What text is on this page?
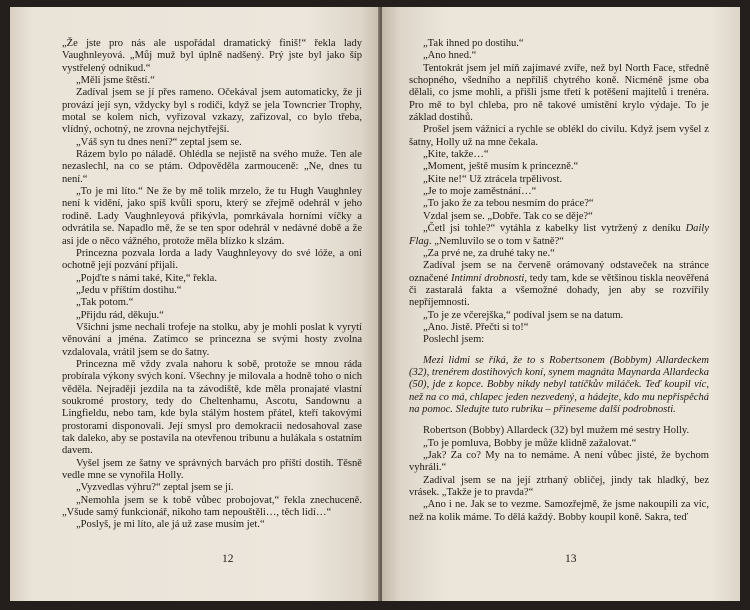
„Že jste pro nás ale uspořádal dramatický finiš!“ řekla lady Vaughnleyová. „Můj muž byl úplně nadšený. Prý jste byl jako šíp vystřelený odnikud.“

„Měli jsme štěstí.“

Zadíval jsem se jí přes rameno. Očekával jsem automaticky, že ji provází její syn, vždycky byl s rodiči, když se jela Towncrier Trophy, motal se kolem nich, vyřizoval vzkazy, zařizoval, co bylo třeba, vlídný, ochotný, ne zrovna nejchytřejší.

„Váš syn tu dnes není?“ zeptal jsem se.

Rázem bylo po náladě. Ohlédla se nejistě na svého muže. Ten ale nezaslechl, na co se ptám. Odpověděla zarmouceně: „Ne, dnes tu není.“

„To je mi líto.“ Ne že by mě tolik mrzelo, že tu Hugh Vaughnley není k vidění, jako spíš kvůli sporu, který se zřejmě odehrál v jeho rodině. Lady Vaughnleyová přikývla, pomrkávala horními víčky a odvrátila se. Napadlo mě, že se ten spor odehrál v nedávné době a že asi jde o něco vážného, protože měla blízko k slzám.

Princezna pozvala lorda a lady Vaughnleyovy do své lóže, a oni ochotně její pozvání přijali.

„Pojďte s námi také, Kite,“ řekla.

„Jedu v příštím dostihu.“

„Tak potom.“

„Přijdu rád, děkuju.“

Všichni jsme nechali trofeje na stolku, aby je mohli poslat k vyrytí věnování a jména. Zatímco se princezna se svými hosty zvolna vzdalovala, vrátil jsem se do šatny.

Princezna mě vždy zvala nahoru k sobě, protože se mnou ráda probírala výkony svých koní. Všechny je milovala a hodně toho o nich věděla. Nejraději jezdila na ta závodiště, kde měla pronajaté vlastní soukromé prostory, tedy do Cheltenhamu, Ascotu, Sandownu a Lingfieldu, nebo tam, kde byla stálým hostem přátel, kteří takovými prostorami disponovali. Její smysl pro demokracii nedosahoval zase tak daleko, aby se postavila na otevřenou tribunu a hulákala s ostatním davem.

Vyšel jsem ze šatny ve správných barvách pro příští dostih. Těsně vedle mne se vynořila Holly.

„Vyzvedlas výhru?“ zeptal jsem se jí.

„Nemohla jsem se k tobě vůbec probojovat,“ řekla znechuceně. „Všude samý funkcionář, nikoho tam nepouštěli…, těch lidí…“

„Poslyš, je mi líto, ale já už zase musím jet.“

12

„Tak ihned po dostihu.“

„Ano hned.“

Tentokrát jsem jel míň zajímavé zvíře, než byl North Face, středně schopného, všedního a nepříliš chytrého koně. Nicméně jsme oba dělali, co jsme mohli, a přišli jsme třetí k potěšení majitelů i trenéra. Pro mě to byl chleba, pro ně takové umístění krylo výdaje. To je základ dostihů.

Prošel jsem vážnicí a rychle se oblékl do civilu. Když jsem vyšel z šatny, Holly už na mne čekala.

„Kite, takže…“

„Moment, ještě musím k princezně.“

„Kite ne!“ Už ztrácela trpělivost.

„Je to moje zaměstnání…“

„To jako že za tebou nesmím do práce?“

Vzdal jsem se. „Dobře. Tak co se děje?“

„Četl jsi tohle?“ vytáhla z kabelky list vytržený z deníku Daily Flag. „Nemluvilo se o tom v šatně?“

„Za prvé ne, za druhé taky ne.“

Zadíval jsem se na červeně orámovaný odstaveček na stránce označené Intimní drobnosti, tedy tam, kde se většinou tiskla neověřená či zastaralá fakta a všemožné dohady, jen aby se rozvířily nepříjemnosti.

„To je ze včerejška,“ podíval jsem se na datum.

„Ano. Jistě. Přečti si to!“

Poslechl jsem:

Mezi lidmi se říká, že to s Robertsonem (Bobbym) Allardeckem (32), trenérem dostihových koní, synem magnáta Maynarda Allardecka (50), jde z kopce. Bobby nikdy nebyl tatíčkův miláček. Teď koupil víc, než na co má, chlapec jeden nezvedený, a hádejte, kdo mu nepřispěchá na pomoc. Sledujte tuto rubriku – přineseme další podrobnosti.

Robertson (Bobby) Allardeck (32) byl mužem mé sestry Holly.

„To je pomluva, Bobby je může klidně zažalovat.“

„Jak? Za co? My na to nemáme. A není vůbec jisté, že bychom vyhráli.“

Zadíval jsem se na její ztrhaný obličej, jindy tak hladký, bez vrásek. „Takže je to pravda?“

„Ano i ne. Jak se to vezme. Samozřejmě, že jsme nakoupili za víc, než na kolik máme. To dělá každý. Bobby koupil koně. Sakra, teď

13
